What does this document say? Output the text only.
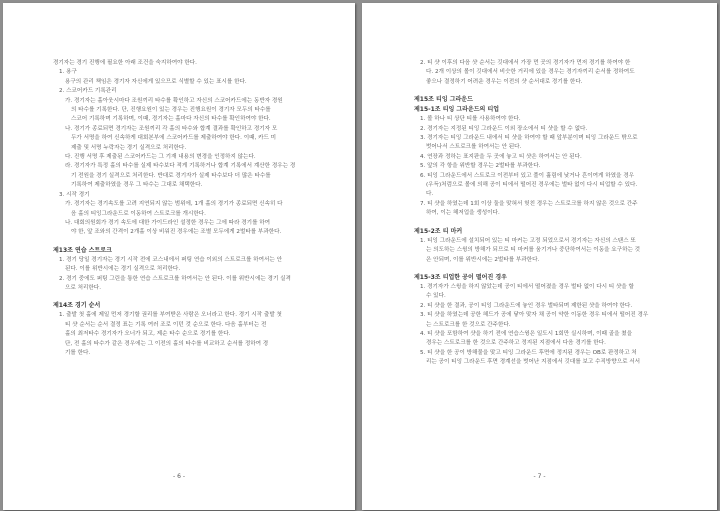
경기자는 경기 진행에 필요한 아래 조건을 숙지하여야 한다.
1. 용구
용구의 관리 책임은 경기자 자신에게 있으므로 식별할 수 있는 표시를 한다.
2. 스코어카드 기록관리
가. 경기자는 홀아웃시마다 조원끼리 타수를 확인하고 자신의 스코어카드에는 동반자 경원
의 타수를 기록한다. 단, 진행요원이 있는 경우는 진행요원이 경기자 모두의 타수를
스코어 기록하며 기록하며, 이때, 경기자는 홀마다 자신의 타수를 확인하여야 한다.
나. 경기가 종료되면 경기자는 조원끼리 각 홀의 타수와 합계 결과를 확인하고 경기자 모
두가 서명을 하여 신속하게 대회본부에 스코어카드를 제출하여야 한다. 이때, 카드 미
제출 및 서명 누락자는 경기 실격으로 처리한다.
다. 진행 서명 후 제출된 스코어카드는 그 기재 내용의 변경을 인정하지 않는다.
라. 경기자가 특정 홀의 타수를 실제 타수보다 적게 기록하거나 합계 기록에서 계산한 경우는 경
기 전원을 경기 실격으로 처리한다. 반대로 경기자가 실제 타수보다 더 많은 타수를
기록하여 제출하였을 경우 그 타수는 그대로 채택한다.
3. 시작 경기
가. 경기자는 경기속도를 고려 지연되지 않는 범위에, 1개 홀의 경기가 종료되면 신속히 다
음 홀의 티잉그라운드로 이동하여 스트로크를 개시한다.
나. 대회의원회가 경기 속도에 대한 가이드라인 설정한 경우는 그에 따라 경기를 하여
야 한, 앞 조와의 간격이 2개홀 이상 비워진 경우에는 조별 모두에게 2벌타를 부과한다.
제13조 연습 스트로크
1. 경기 당일 경기자는 경기 시작 전에 코스내에서 퍼팅 연습 이외의 스트로크를 하여서는 안
된다. 이를 위반시에는 경기 실격으로 처리한다.
2. 경기 중에도 퍼팅 그린을 통한 연습 스트로크를 하여서는 안 된다. 이를 위반시에는 경기 실격
으로 처리한다.
제14조 경기 순서
1. 출발 첫 홀에 제일 먼저 경기할 권리를 부여받은 사람은 오너라고 한다. 경기 시작 출발 첫
티 샷 순서는 순서 결정 표는 기록 여러 조로 이던 것 순으로 한다. 다음 홀부터는 전
홀의 최저타수 경기자가 오너가 되고, 제순 타수 순으로 경기를 한다.
단, 전 홀의 타수가 같은 경우에는 그 이전의 홀의 타수를 비교하고 순서를 정하여 경
기를 한다.
- 6 -
2. 티 샷 이후의 다음 샷 순서는 깃대에서 가장 먼 곳의 경기자가 먼저 경기를 하여야 한
다. 2개 이상의 볼이 깃대에서 비슷한 거리에 있을 경우는 경기자끼리 순서를 정하여도
좋으나 결정하기 어려운 경우는 이전의 샷 순서대로 경기를 한다.
제15조 티잉 그라운드
제15-1조 티잉 그라운드의 티업
1. 볼 하나 티 상단 티를 사용하여야 한다.
2. 경기자는 지정된 티잉 그라운드 이외 장소에서 티 샷을 할 수 없다.
3. 경기자는 티잉 그라운드 내에서 티 샷을 하여야 할 때 앞부분이며 티잉 그라운드 밖으로
벗어나서 스트로크를 하여서는 안 된다.
4. 연장과 정하는 표지판을 두 곳에 놓고 티 샷은 하여서는 안 된다.
5. 앞의 각 항을 위반할 경우는 2벌타를 부과한다.
6. 티잉 그라운드에서 스트로크 이전부터 있고 풀이 흘림에 낮거나 흔이여게 하였을 경우
(우득)처럼으로 볼에 의해 공이 티에서 떨어진 경우에는 벌타 없이 다시 티업할 수 있다.
다.
7. 티 샷을 하였는데 1회 이상 둘을 맞혀서 헛친 경우는 스트로크를 하지 않은 것으로 간주
하여, 이는 헤저업을 생성이다.
제15-2조 티 마커
1. 티잉 그라운드에 설치되어 있는 티 마커는 고정 되었으로서 경기자는 자신의 스탠스 또
는 의도하는 스윙의 방해가 되므로 티 마커를 움기거나 중단하여서는 이동을 요구하는 것
은 안되며, 이를 위반시에는 2벌타를 부과한다.
제15-3조 티업한 공이 떨어진 경우
1. 경기자가 스윙을 하지 않았는데 공이 티에서 떨어졌을 경우 벌타 없이 다시 티 샷을 할
수 있다.
2. 티 샷을 한 결과, 공이 티잉 그라운드에 놓인 경우 벌타되며 제한된 샷을 하여야 한다.
3. 티 샷을 하였는데 공한 헤드가 공에 닿아 맞자 채 공이 약한 이동한 경우 티에서 떨어진 경우
는 스트로크를 한 것으로 간주한다.
4. 티 샷을 포함하여 샷을 하기 전에 연습스윙은 일도시 1회만 실시하며, 이때 골을 쳤을
경우는 스트로크를 한 것으로 간주하고 정지된 지점에서 다음 경기를 한다.
5. 티 샷을 한 공이 방해물을 맞고 티잉 그라운드 후면에 정지된 경우는 OB로 판정하고 처
리는 공이 티잉 그라운드 후면 경계선을 벗어난 지점에서 깃대를 보고 수직방향으로 서서
- 7 -
